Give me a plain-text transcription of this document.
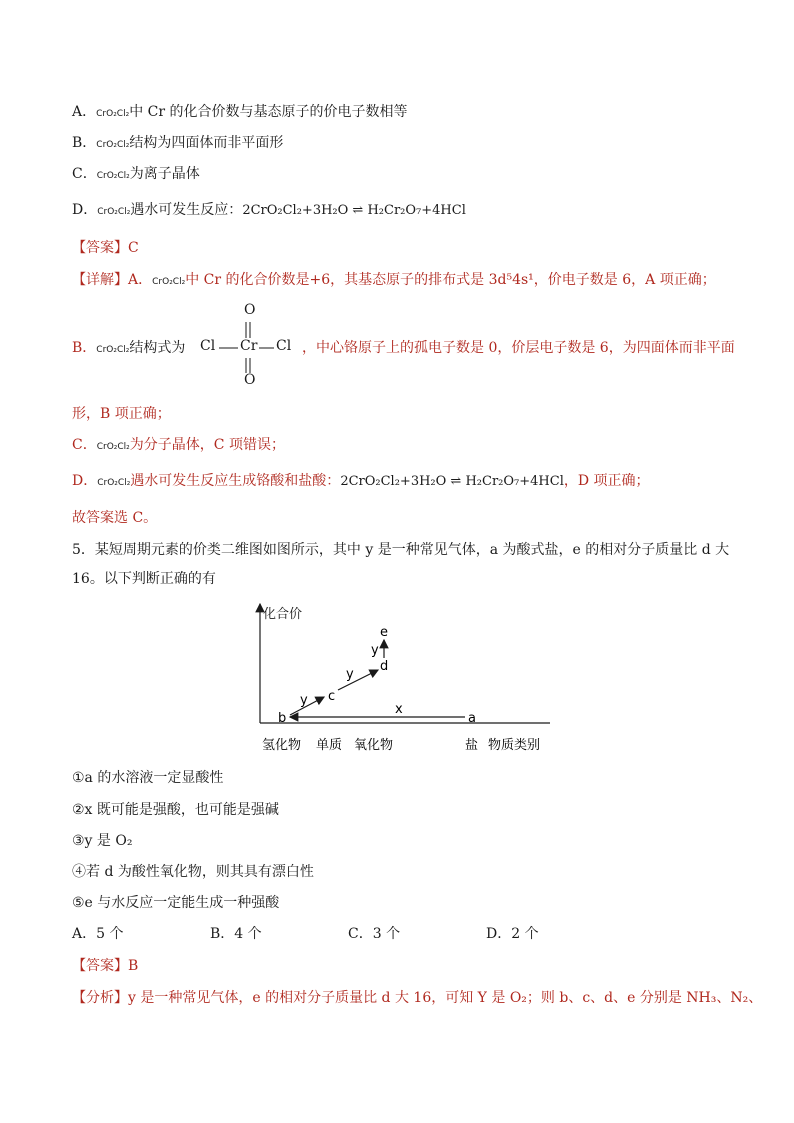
A．CrO₂Cl₂中 Cr 的化合价数与基态原子的价电子数相等
B．CrO₂Cl₂结构为四面体而非平面形
C．CrO₂Cl₂为离子晶体
D．CrO₂Cl₂遇水可发生反应：2CrO₂Cl₂+3H₂O ⇌ H₂Cr₂O₇+4HCl
【答案】C
【详解】A．CrO₂Cl₂中 Cr 的化合价数是+6，其基态原子的排布式是 3d⁵4s¹，价电子数是 6，A 项正确；
B．CrO₂Cl₂结构式为
O
Cl Cr Cl
O
，中心铬原子上的孤电子数是 0，价层电子数是 6，为四面体而非平面
形，B 项正确；
C．CrO₂Cl₂为分子晶体，C 项错误；
D．CrO₂Cl₂遇水可发生反应生成铬酸和盐酸：2CrO₂Cl₂+3H₂O ⇌ H₂Cr₂O₇+4HCl，D 项正确；
故答案选 C。
5．某短周期元素的价类二维图如图所示，其中 y 是一种常见气体，a 为酸式盐，e 的相对分子质量比 d 大
16。以下判断正确的有
化合价
a
b
c
d
e
x
y
y
y
氢化物 单质 氧化物	盐 物质类别
①a 的水溶液一定显酸性
②x 既可能是强酸，也可能是强碱
③y 是 O₂
④若 d 为酸性氧化物，则其具有漂白性
⑤e 与水反应一定能生成一种强酸
A．5 个	B．4 个	C．3 个	D．2 个
【答案】B
【分析】y 是一种常见气体，e 的相对分子质量比 d 大 16，可知 Y 是 O₂；则 b、c、d、e 分别是 NH₃、N₂、
